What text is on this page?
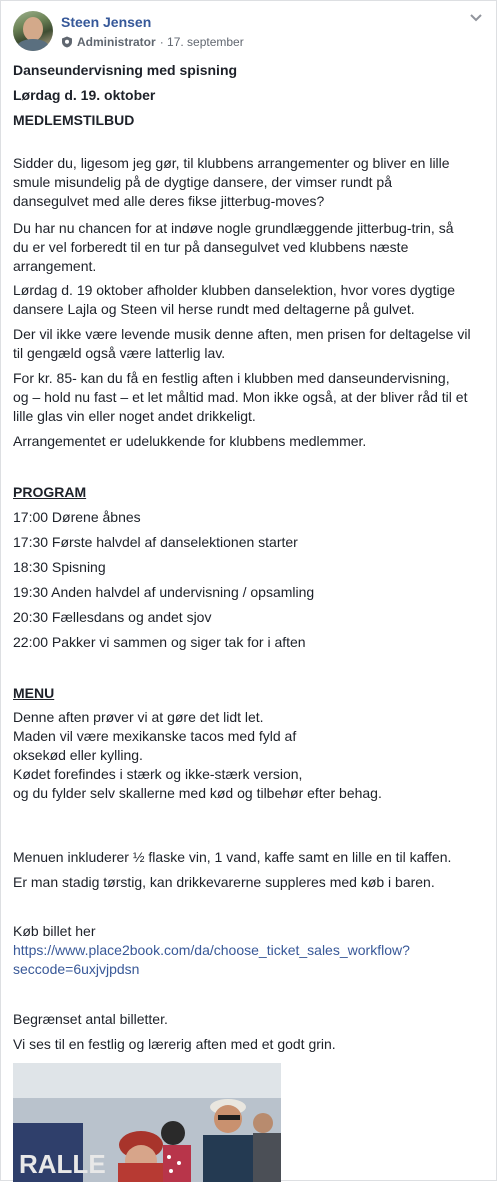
Steen Jensen
Administrator · 17. september
Danseundervisning med spisning
Lørdag d. 19. oktober
MEDLEMSTILBUD
Sidder du, ligesom jeg gør, til klubbens arrangementer og bliver en lille
smule misundelig på de dygtige dansere, der vimser rundt på
dansegulvet med alle deres fikse jitterbug-moves?
Du har nu chancen for at indøve nogle grundlæggende jitterbug-trin, så
du er vel forberedt til en tur på dansegulvet ved klubbens næste
arrangement.
Lørdag d. 19 oktober afholder klubben danselektion, hvor vores dygtige
dansere Lajla og Steen vil herse rundt med deltagerne på gulvet.
Der vil ikke være levende musik denne aften, men prisen for deltagelse vil
til gengæld også være latterlig lav.
For kr. 85- kan du få en festlig aften i klubben med danseundervisning,
og – hold nu fast – et let måltid mad. Mon ikke også, at der bliver råd til et
lille glas vin eller noget andet drikkeligt.
Arrangementet er udelukkende for klubbens medlemmer.
PROGRAM
17:00 Dørene åbnes
17:30 Første halvdel af danselektionen starter
18:30 Spisning
19:30 Anden halvdel af undervisning / opsamling
20:30 Fællesdans og andet sjov
22:00 Pakker vi sammen og siger tak for i aften
MENU
Denne aften prøver vi at gøre det lidt let.
Maden vil være mexikanske tacos med fyld af
oksekød eller kylling.
Kødet forefindes i stærk og ikke-stærk version,
og du fylder selv skallerne med kød og tilbehør efter behag.
Menuen inkluderer ½ flaske vin, 1 vand, kaffe samt en lille en til kaffen.
Er man stadig tørstig, kan drikkevarerne suppleres med køb i baren.
Køb billet her
https://www.place2book.com/da/choose_ticket_sales_workflow?
seccode=6uxjvjpdsn
Begrænset antal billetter.
Vi ses til en festlig og lærerig aften med et godt grin.
RALLE
